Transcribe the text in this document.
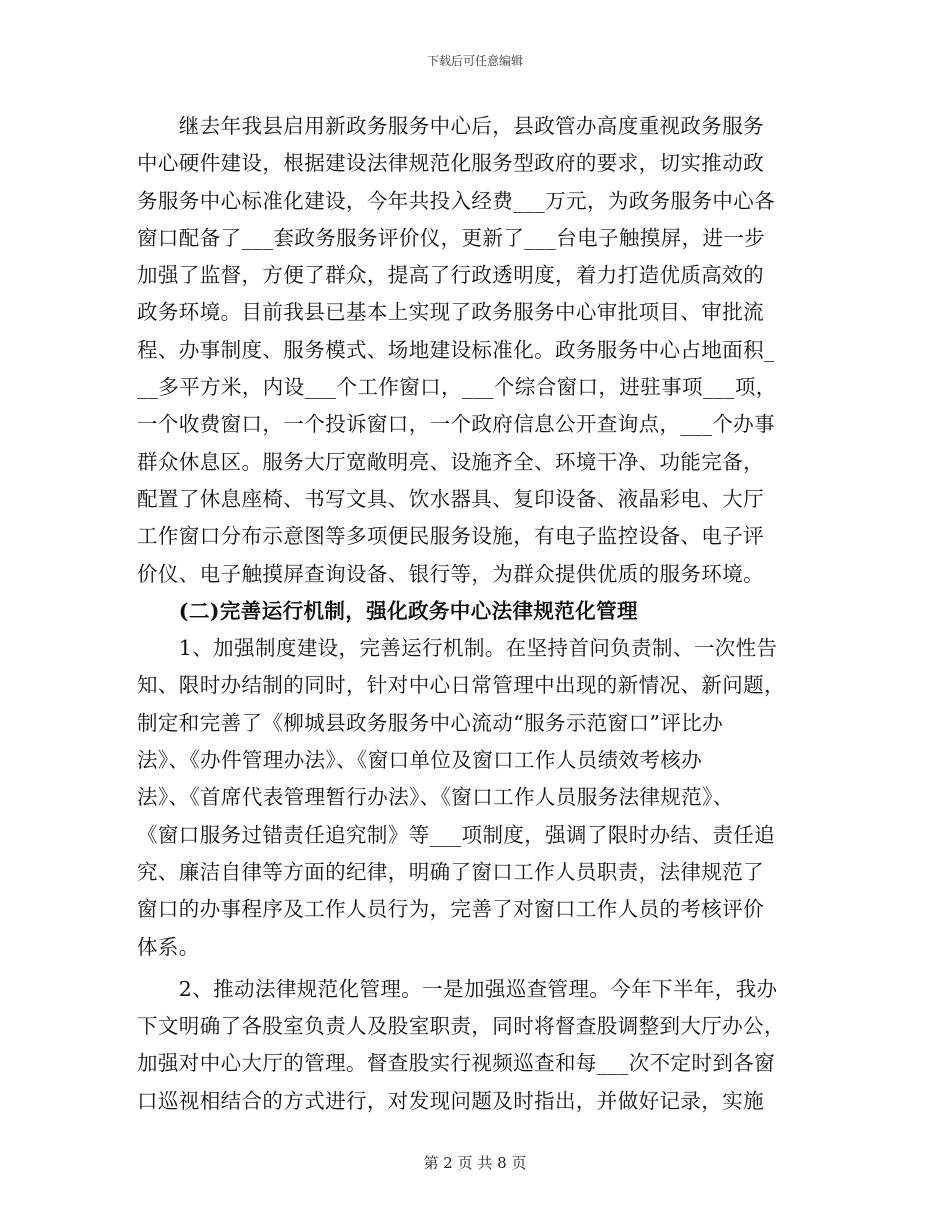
下载后可任意编辑
　　继去年我县启用新政务服务中心后，县政管办高度重视政务服务
中心硬件建设，根据建设法律规范化服务型政府的要求，切实推动政
务服务中心标准化建设，今年共投入经费___万元，为政务服务中心各
窗口配备了___套政务服务评价仪，更新了___台电子触摸屏，进一步
加强了监督，方便了群众，提高了行政透明度，着力打造优质高效的
政务环境。目前我县已基本上实现了政务服务中心审批项目、审批流
程、办事制度、服务模式、场地建设标准化。政务服务中心占地面积_
__多平方米，内设___个工作窗口，___个综合窗口，进驻事项___项，
一个收费窗口，一个投诉窗口，一个政府信息公开查询点，___个办事
群众休息区。服务大厅宽敞明亮、设施齐全、环境干净、功能完备，
配置了休息座椅、书写文具、饮水器具、复印设备、液晶彩电、大厅
工作窗口分布示意图等多项便民服务设施，有电子监控设备、电子评
价仪、电子触摸屏查询设备、银行等，为群众提供优质的服务环境。
　　(二)完善运行机制，强化政务中心法律规范化管理
　　1、加强制度建设，完善运行机制。在坚持首问负责制、一次性告
知、限时办结制的同时，针对中心日常管理中出现的新情况、新问题，
制定和完善了《柳城县政务服务中心流动“服务示范窗口”评比办
法》、《办件管理办法》、《窗口单位及窗口工作人员绩效考核办
法》、《首席代表管理暂行办法》、《窗口工作人员服务法律规范》、
《窗口服务过错责任追究制》等___项制度，强调了限时办结、责任追
究、廉洁自律等方面的纪律，明确了窗口工作人员职责，法律规范了
窗口的办事程序及工作人员行为，完善了对窗口工作人员的考核评价
体系。
　　2、推动法律规范化管理。一是加强巡查管理。今年下半年，我办
下文明确了各股室负责人及股室职责，同时将督查股调整到大厅办公，
加强对中心大厅的管理。督查股实行视频巡查和每___次不定时到各窗
口巡视相结合的方式进行，对发现问题及时指出，并做好记录，实施
第 2 页 共 8 页
